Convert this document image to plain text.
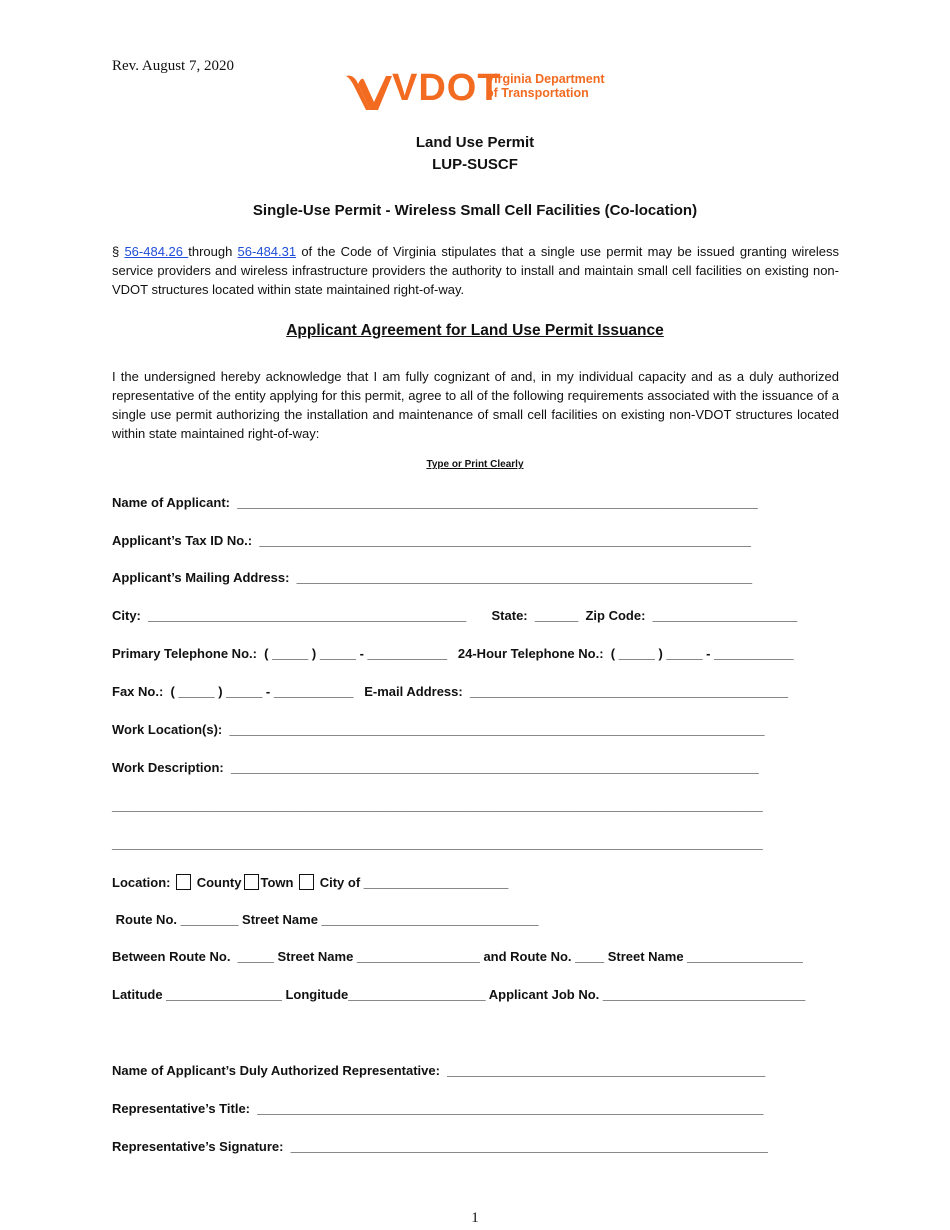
Rev. August 7, 2020
VDOT
Virginia Department
of Transportation
Land Use Permit
LUP-SUSCF
Single-Use Permit - Wireless Small Cell Facilities (Co-location)
§ 56-484.26 through 56-484.31 of the Code of Virginia stipulates that a single use permit may be issued granting wireless service providers and wireless infrastructure providers the authority to install and maintain small cell facilities on existing non-VDOT structures located within state maintained right-of-way.
Applicant Agreement for Land Use Permit Issuance
I the undersigned hereby acknowledge that I am fully cognizant of and, in my individual capacity and as a duly authorized representative of the entity applying for this permit, agree to all of the following requirements associated with the issuance of a single use permit authorizing the installation and maintenance of small cell facilities on existing non-VDOT structures located within state maintained right-of-way:
Type or Print Clearly
Name of Applicant:  ________________________________________________________________________
Applicant’s Tax ID No.:  ____________________________________________________________________
Applicant’s Mailing Address:  _______________________________________________________________
City:  ____________________________________________       State:  ______  Zip Code:  ____________________
Primary Telephone No.:  ( _____ ) _____ - ___________   24-Hour Telephone No.:  ( _____ ) _____ - ___________
Fax No.:  ( _____ ) _____ - ___________   E-mail Address:  ____________________________________________
Work Location(s):  __________________________________________________________________________
Work Description:  _________________________________________________________________________
__________________________________________________________________________________________
__________________________________________________________________________________________
Location:  County Town  City of ____________________
Route No. ________ Street Name ______________________________
Between Route No.  _____ Street Name _________________ and Route No. ____ Street Name ________________
Latitude ________________ Longitude___________________ Applicant Job No. ____________________________
Name of Applicant’s Duly Authorized Representative:  ____________________________________________
Representative’s Title:  ______________________________________________________________________
Representative’s Signature:  __________________________________________________________________
1
